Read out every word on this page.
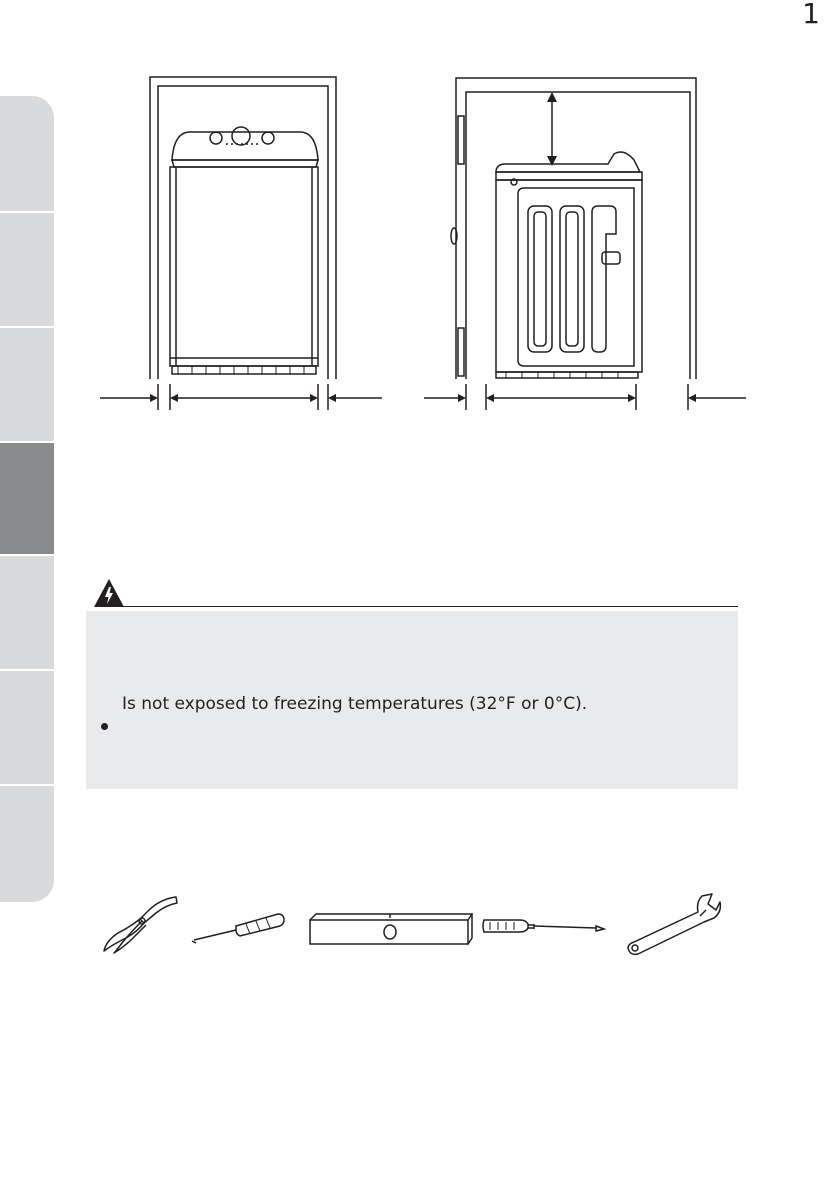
1
Is not exposed to freezing temperatures (32°F or 0°C).
